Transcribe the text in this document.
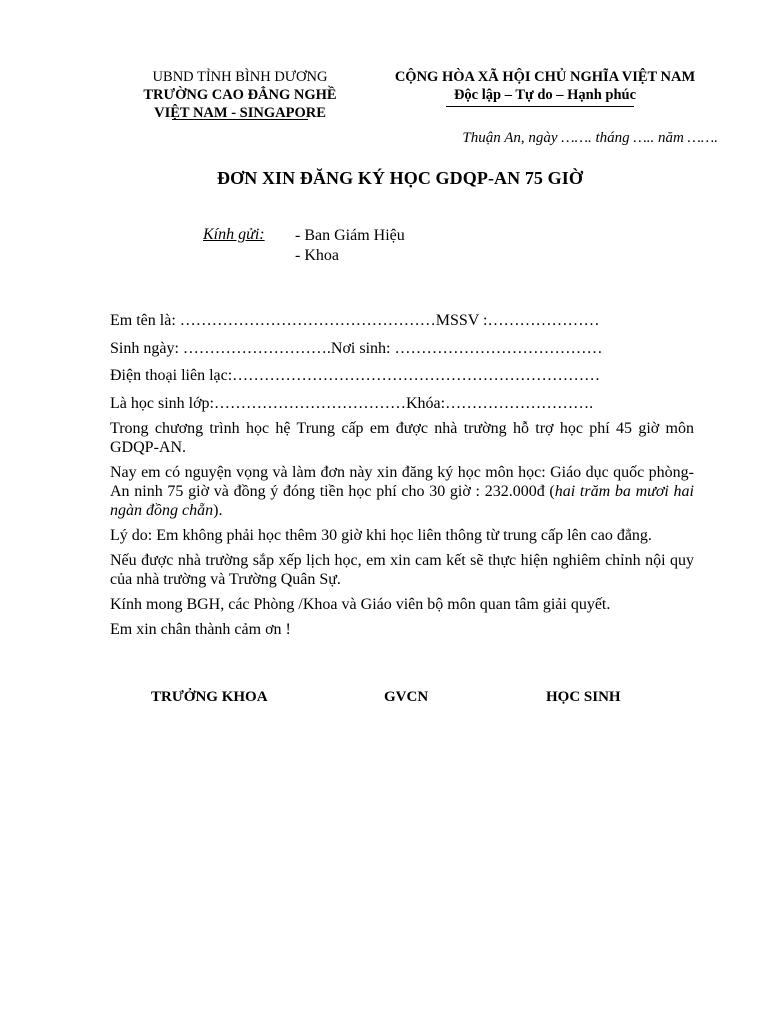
UBND TỈNH BÌNH DƯƠNG
TRƯỜNG CAO ĐẲNG NGHỀ
VIỆT NAM - SINGAPORE
CỘNG HÒA XÃ HỘI CHỦ NGHĨA VIỆT NAM
Độc lập – Tự do – Hạnh phúc
Thuận An, ngày ……. tháng ….. năm …….
ĐƠN XIN ĐĂNG KÝ HỌC GDQP-AN 75 GIỜ
Kính gửi: - Ban Giám Hiệu
- Khoa
Em tên là: …………………………………………MSSV :…………………
Sinh ngày: ……………………….Nơi sinh: …………………………………
Điện thoại liên lạc:……………………………………………………………
Là học sinh lớp:………………………………Khóa:……………………….
Trong chương trình học hệ Trung cấp em được nhà trường hỗ trợ học phí 45 giờ môn GDQP-AN.
Nay em có nguyện vọng và làm đơn này xin đăng ký học môn học: Giáo dục quốc phòng-An ninh 75 giờ và đồng ý đóng tiền học phí cho 30 giờ : 232.000đ (hai trăm ba mươi hai ngàn đồng chẵn).
Lý do: Em không phải học thêm 30 giờ khi học liên thông từ trung cấp lên cao đẳng.
Nếu được nhà trường sắp xếp lịch học, em xin cam kết sẽ thực hiện nghiêm chỉnh nội quy của nhà trường và Trường Quân Sự.
Kính mong BGH, các Phòng /Khoa và Giáo viên bộ môn quan tâm giải quyết.
Em xin chân thành cảm ơn !
TRƯỞNG KHOA	GVCN	HỌC SINH
